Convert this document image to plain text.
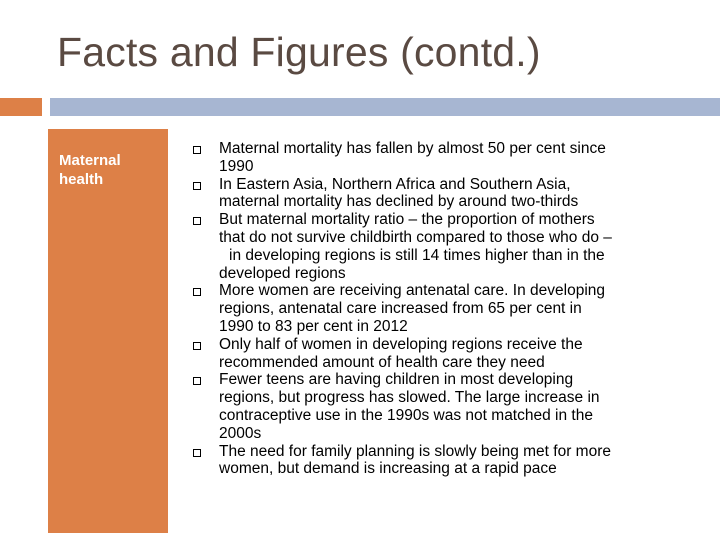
Facts and Figures (contd.)
Maternal
health
Maternal mortality has fallen by almost 50 per cent since
1990
In Eastern Asia, Northern Africa and Southern Asia,
maternal mortality has declined by around two-thirds
But maternal mortality ratio – the proportion of mothers
that do not survive childbirth compared to those who do –
in developing regions is still 14 times higher than in the
developed regions
More women are receiving antenatal care. In developing
regions, antenatal care increased from 65 per cent in
1990 to 83 per cent in 2012
Only half of women in developing regions receive the
recommended amount of health care they need
Fewer teens are having children in most developing
regions, but progress has slowed. The large increase in
contraceptive use in the 1990s was not matched in the
2000s
The need for family planning is slowly being met for more
women, but demand is increasing at a rapid pace
